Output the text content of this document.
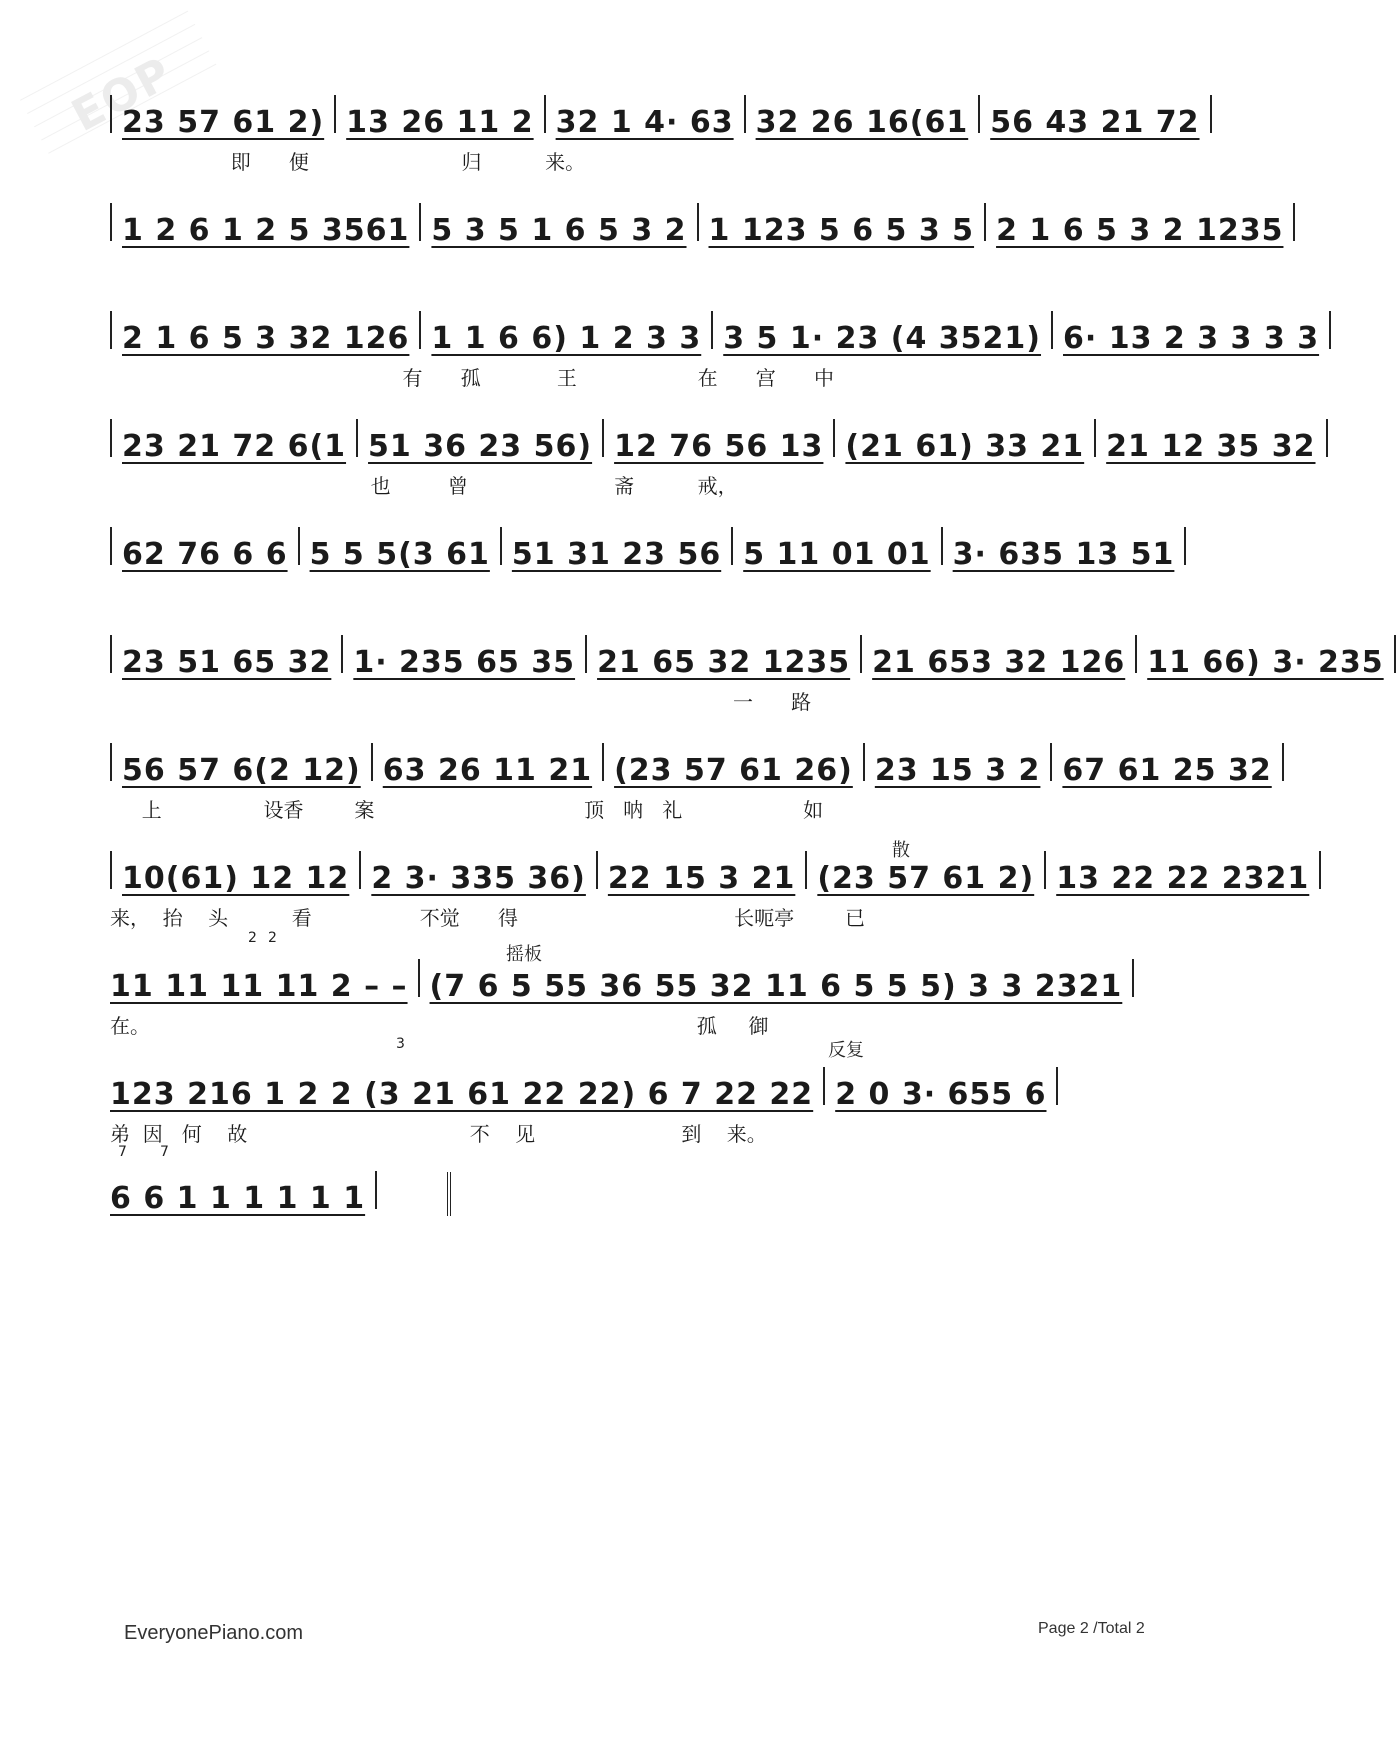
EOP
23 57 61 2) 13 26 11 2 32 1 4· 63 32 26 16(61 56 43 21 72
即      便                        归          来。
1 2 6 1 2 5 3561 5 3 5 1 6 5 3 2 1 123 5 6 5 3 5 2 1 6 5 3 2 1235
2 1 6 5 3 32 126 1 1 6 6) 1 2 3 3 3 5 1· 23 (4 3521) 6· 13 2 3 3 3 3
有      孤            王                   在      宫      中
23 21 72 6(1 51 36 23 56) 12 76 56 13 (21 61) 33 21 21 12 35 32
也         曾                       斋          戒，
62 76 6 6 5 5 5(3 61 51 31 23 56 5 11 01 01 3· 635 13 51
23 51 65 32 1· 235 65 35 21 65 32 1235 21 653 32 126 11 66) 3· 235
一      路
56 57 6(2 12) 63 26 11 21 (23 57 61 26) 23 15 3 2 67 61 25 32
上                设香        案                                 顶   呐   礼                   如
10(61) 12 12 2 3· 335 36) 22 15 3 21 (23 57 61 2) 13 22 22 2321
来，  抬    头          看                 不觉      得                                  长呃亭        已
11 11 11 11 2 – – (7 6 5 55 36 55 32 11 6 5 5 5) 3 3 2321
在。                                                                                      孤     御
123 216 1 2 2 (3 21 61 22 22) 6 7 22 22 2 0 3· 655 6
弟  因   何    故                                   不    见                       到    来。
6 6 1 1 1 1 1 1
散
摇板
反复
2 2
3
7 7
EveryonePiano.com	Page 2 /Total 2
